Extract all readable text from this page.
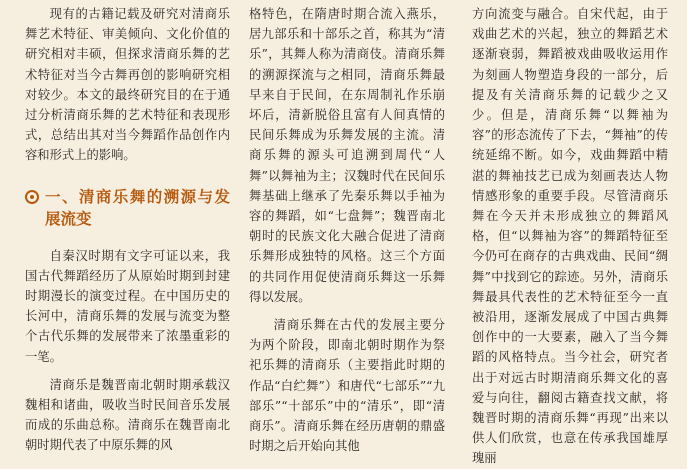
现有的古籍记载及研究对清商乐舞艺术特征、审美倾向、文化价值的研究相对丰硕，但探求清商乐舞的艺术特征对当今古舞再创的影响研究相对较少。本文的最终研究目的在于通过分析清商乐舞的艺术特征和表现形式，总结出其对当今舞蹈作品创作内容和形式上的影响。

一、清商乐舞的溯源与发展流变

自秦汉时期有文字可证以来，我国古代舞蹈经历了从原始时期到封建时期漫长的演变过程。在中国历史的长河中，清商乐舞的发展与流变为整个古代乐舞的发展带来了浓墨重彩的一笔。

清商乐是魏晋南北朝时期承载汉魏相和诸曲，吸收当时民间音乐发展而成的乐曲总称。清商乐在魏晋南北朝时期代表了中原乐舞的风

格特色，在隋唐时期合流入燕乐，居九部乐和十部乐之首，称其为“清乐”，其舞人称为清商伎。清商乐舞的溯源探流与之相同，清商乐舞最早来自于民间，在东周制礼作乐崩坏后，清新脱俗且富有人间真情的民间乐舞成为乐舞发展的主流。清商乐舞的源头可追溯到周代“人舞”以舞袖为主；汉魏时代在民间乐舞基础上继承了先秦乐舞以手袖为容的舞蹈，如“七盘舞”；魏晋南北朝时的民族文化大融合促进了清商乐舞形成独特的风格。这三个方面的共同作用促使清商乐舞这一乐舞得以发展。

清商乐舞在古代的发展主要分为两个阶段，即南北朝时期作为祭祀乐舞的清商乐（主要指此时期的作品“白纻舞”）和唐代“七部乐”“九部乐”“十部乐”中的“清乐”，即“清商乐”。清商乐舞在经历唐朝的鼎盛时期之后开始向其他

方向流变与融合。自宋代起，由于戏曲艺术的兴起，独立的舞蹈艺术逐渐衰弱，舞蹈被戏曲吸收运用作为刻画人物塑造身段的一部分，后提及有关清商乐舞的记载少之又少。但是，清商乐舞“以舞袖为容”的形态流传了下去，“舞袖”的传统延绵不断。如今，戏曲舞蹈中精湛的舞袖技艺已成为刻画表达人物情感形象的重要手段。尽管清商乐舞在今天并未形成独立的舞蹈风格，但“以舞袖为容”的舞蹈特征至今仍可在商存的古典戏曲、民间“绸舞”中找到它的踪迹。另外，清商乐舞最具代表性的艺术特征至今一直被沿用，逐渐发展成了中国古典舞创作中的一大要素，融入了当今舞蹈的风格特点。当今社会，研究者出于对远古时期清商乐舞文化的喜爱与向往，翻阅古籍查找文献，将魏晋时期的清商乐舞“再现”出来以供人们欣赏，也意在传承我国雄厚瑰丽
